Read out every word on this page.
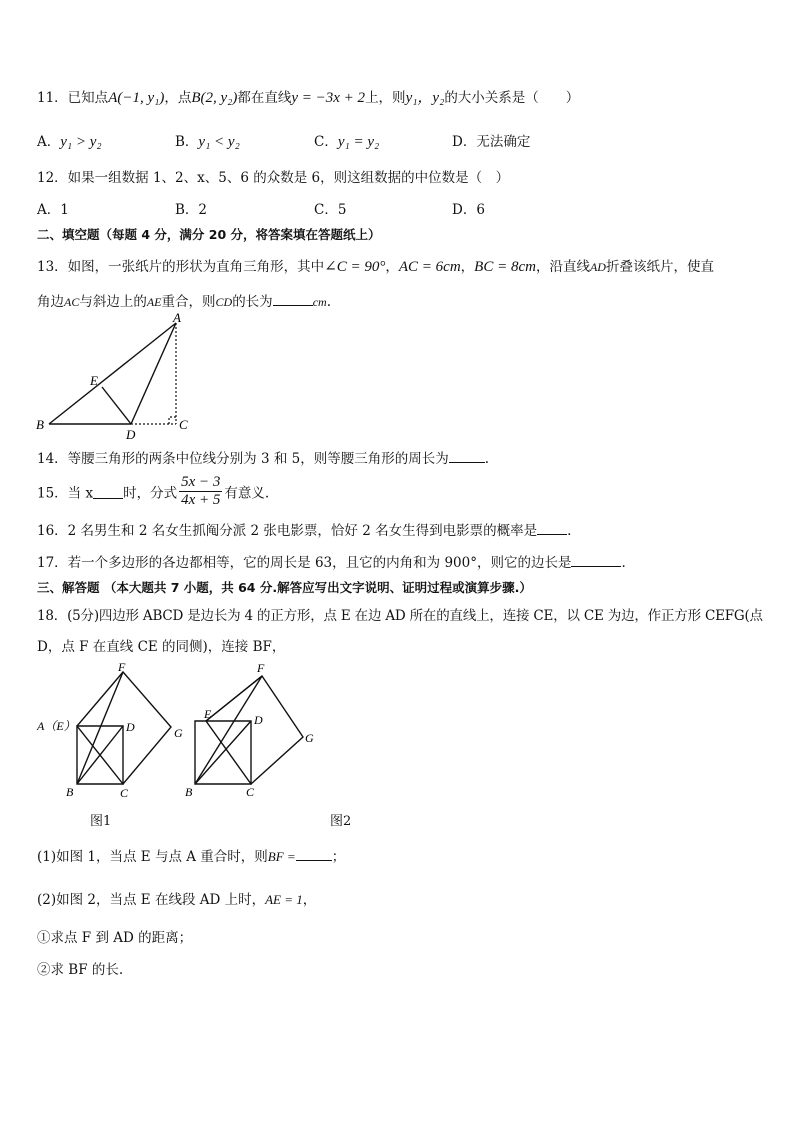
11．已知点A(−1, y₁)，点B(2, y₂)都在直线y = −3x + 2上，则y₁，y₂的大小关系是（　　）
A．y₁ > y₂	B．y₁ < y₂	C．y₁ = y₂	D．无法确定
12．如果一组数据 1、2、x、5、6 的众数是 6，则这组数据的中位数是（　）
A．1	B．2	C．5	D．6
二、填空题（每题 4 分，满分 20 分，将答案填在答题纸上）
13．如图，一张纸片的形状为直角三角形，其中∠C = 90°，AC = 6cm，BC = 8cm，沿直线AD折叠该纸片，使直
角边AC与斜边上的AE重合，则CD的长为	cm.
A
B	C
D
E
14．等腰三角形的两条中位线分别为 3 和 5，则等腰三角形的周长为	.
15．当 x 时，分式 $\frac{5x - 3}{4x + 5}$ 有意义.
16．2 名男生和 2 名女生抓阄分派 2 张电影票，恰好 2 名女生得到电影票的概率是 .
17．若一个多边形的各边都相等，它的周长是 63，且它的内角和为 900°，则它的边长是	.
三、解答题 （本大题共 7 小题，共 64 分.解答应写出文字说明、证明过程或演算步骤.）
18．(5分)四边形 ABCD 是边长为 4 的正方形，点 E 在边 AD 所在的直线上，连接 CE，以 CE 为边，作正方形 CEFG(点
D，点 F 在直线 CE 的同侧)，连接 BF，
A（E）
B	C
D
F
G
图1
E	D
B	C
F
G
图2
(1)如图 1，当点 E 与点 A 重合时，则BF =	；
(2)如图 2，当点 E 在线段 AD 上时，AE = 1，
①求点 F 到 AD 的距离；
②求 BF 的长.
